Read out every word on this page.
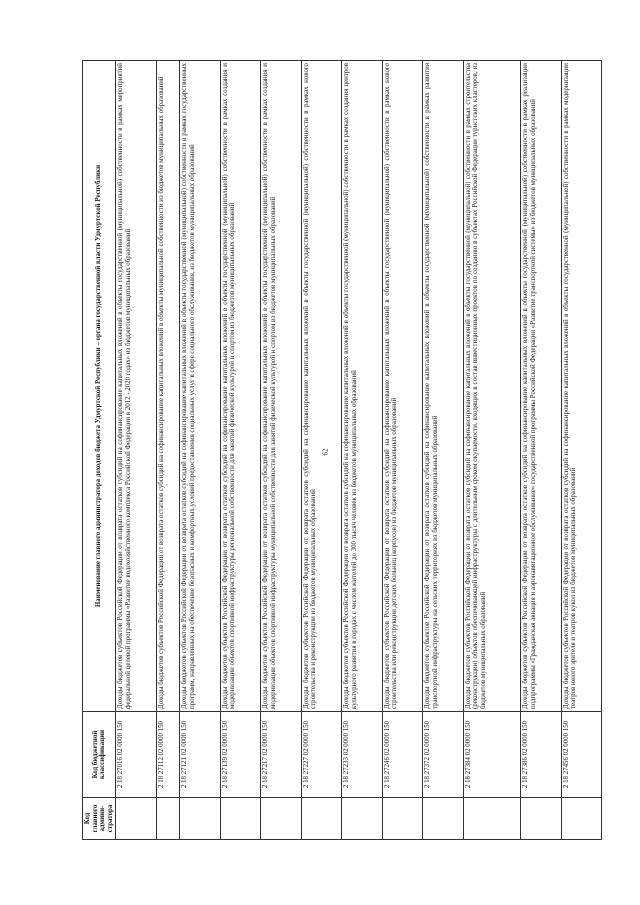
62
Код главного админи-стратора	Код бюджетной классификации	Наименование главного администратора доходов бюджета Удмуртской Республики – органа государственной власти Удмуртской Республики
	2 18 27016 02 0000 150	Доходы бюджетов субъектов Российской Федерации от возврата остатков субсидий на софинансирование капитальных вложений в объекты государственной (муниципальной) собственности в рамках мероприятий федеральной целевой программы «Развитие водохозяйственного комплекса Российской Федерации в 2012 - 2020 годах» из бюджетов муниципальных образований
	2 18 27112 02 0000 150	Доходы бюджетов субъектов Российской Федерации от возврата остатков субсидий на софинансирование капитальных вложений в объекты муниципальной собственности из бюджетов муниципальных образований
	2 18 27121 02 0000 150	Доходы бюджетов субъектов Российской Федерации от возврата остатков субсидий на софинансирование капитальных вложений в объекты государственной (муниципальной) собственности в рамках государственных программ, направленных на обеспечение безопасных и комфортных условий предоставления социальных услуг в сфере социального обслуживания, из бюджетов муниципальных образований
	2 18 27139 02 0000 150	Доходы бюджетов субъектов Российской Федерации от возврата остатков субсидий на софинансирование капитальных вложений в объекты государственной (муниципальной) собственности в рамках создания и модернизации объектов спортивной инфраструктуры региональной собственности для занятий физической культурой и спортом из бюджетов муниципальных образований
	2 18 27217 02 0000 150	Доходы бюджетов субъектов Российской Федерации от возврата остатков субсидий на софинансирование капитальных вложений в объекты государственной (муниципальной) собственности в рамках создания и модернизации объектов спортивной инфраструктуры муниципальной собственности для занятий физической культурой и спортом из бюджетов муниципальных образований
	2 18 27227 02 0000 150	Доходы бюджетов субъектов Российской Федерации от возврата остатков субсидий на софинансирование капитальных вложений в объекты государственной (муниципальной) собственности в рамках нового строительства и реконструкции из бюджетов муниципальных образований
	2 18 27233 02 0000 150	Доходы бюджетов субъектов Российской Федерации от возврата остатков субсидий на софинансирование капитальных вложений в объекты государственной (муниципальной) собственности в рамках создания центров культурного развития в городах с числом жителей до 300 тысяч человек из бюджетов муниципальных образований
	2 18 27246 02 0000 150	Доходы бюджетов субъектов Российской Федерации от возврата остатков субсидий на софинансирование капитальных вложений в объекты государственной (муниципальной) собственности в рамках нового строительства или реконструкции детских больниц (корпусов) из бюджетов муниципальных образований
	2 18 27372 02 0000 150	Доходы бюджетов субъектов Российской Федерации от возврата остатков субсидий на софинансирование капитальных вложений в объекты государственной (муниципальной) собственности в рамках развития транспортной инфраструктуры на сельских территориях из бюджетов муниципальных образований
	2 18 27384 02 0000 150	Доходы бюджетов субъектов Российской Федерации от возврата остатков субсидий на софинансирование капитальных вложений в объекты государственной (муниципальной) собственности в рамках строительства (реконструкции) объектов обеспечивающей инфраструктуры с длительным сроком окупаемости, входящих в состав инвестиционных проектов по созданию в субъектах Российской Федерации туристских кластеров, из бюджетов муниципальных образований
	2 18 27386 02 0000 150	Доходы бюджетов субъектов Российской Федерации от возврата остатков субсидий на софинансирование капитальных вложений в объекты государственной (муниципальной) собственности в рамках реализации подпрограммы «Гражданская авиация и аэронавигационное обслуживание» государственной программы Российской Федерации «Развитие транспортной системы» из бюджетов муниципальных образований
	2 18 27456 02 0000 150	Доходы бюджетов субъектов Российской Федерации от возврата остатков субсидий на софинансирование капитальных вложений в объекты государственной (муниципальной) собственности в рамках модернизации театров юного зрителя и театров кукол из бюджетов муниципальных образований
